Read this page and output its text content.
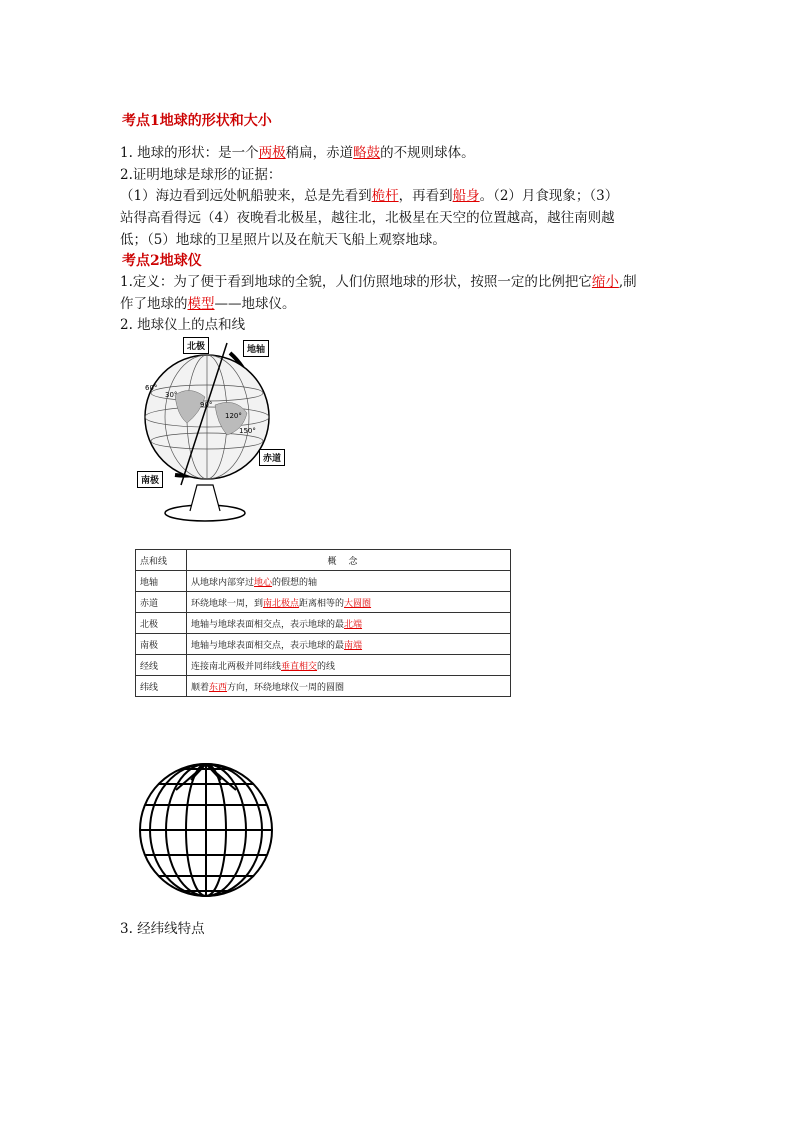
考点1地球的形状和大小
1. 地球的形状：是一个两极稍扁，赤道略鼓的不规则球体。
2.证明地球是球形的证据：
（1）海边看到远处帆船驶来，总是先看到桅杆，再看到船身。（2）月食现象；（3）
站得高看得远（4）夜晚看北极星，越往北，北极星在天空的位置越高，越往南则越
低；（5）地球的卫星照片以及在航天飞船上观察地球。
考点2地球仪
1.定义：为了便于看到地球的全貌，人们仿照地球的形状，按照一定的比例把它缩小,制
作了地球的模型——地球仪。
2. 地球仪上的点和线
60°
90°
120°
150°
30°
北极	地轴
赤道
南极
点和线	概念
地轴	从地球内部穿过地心的假想的轴
赤道	环绕地球一周，到南北极点距离相等的大圆圈
北极	地轴与地球表面相交点，表示地球的最北端
南极	地轴与地球表面相交点，表示地球的最南端
经线	连接南北两极并同纬线垂直相交的线
纬线	顺着东西方向，环绕地球仪一周的圆圈
3. 经纬线特点
